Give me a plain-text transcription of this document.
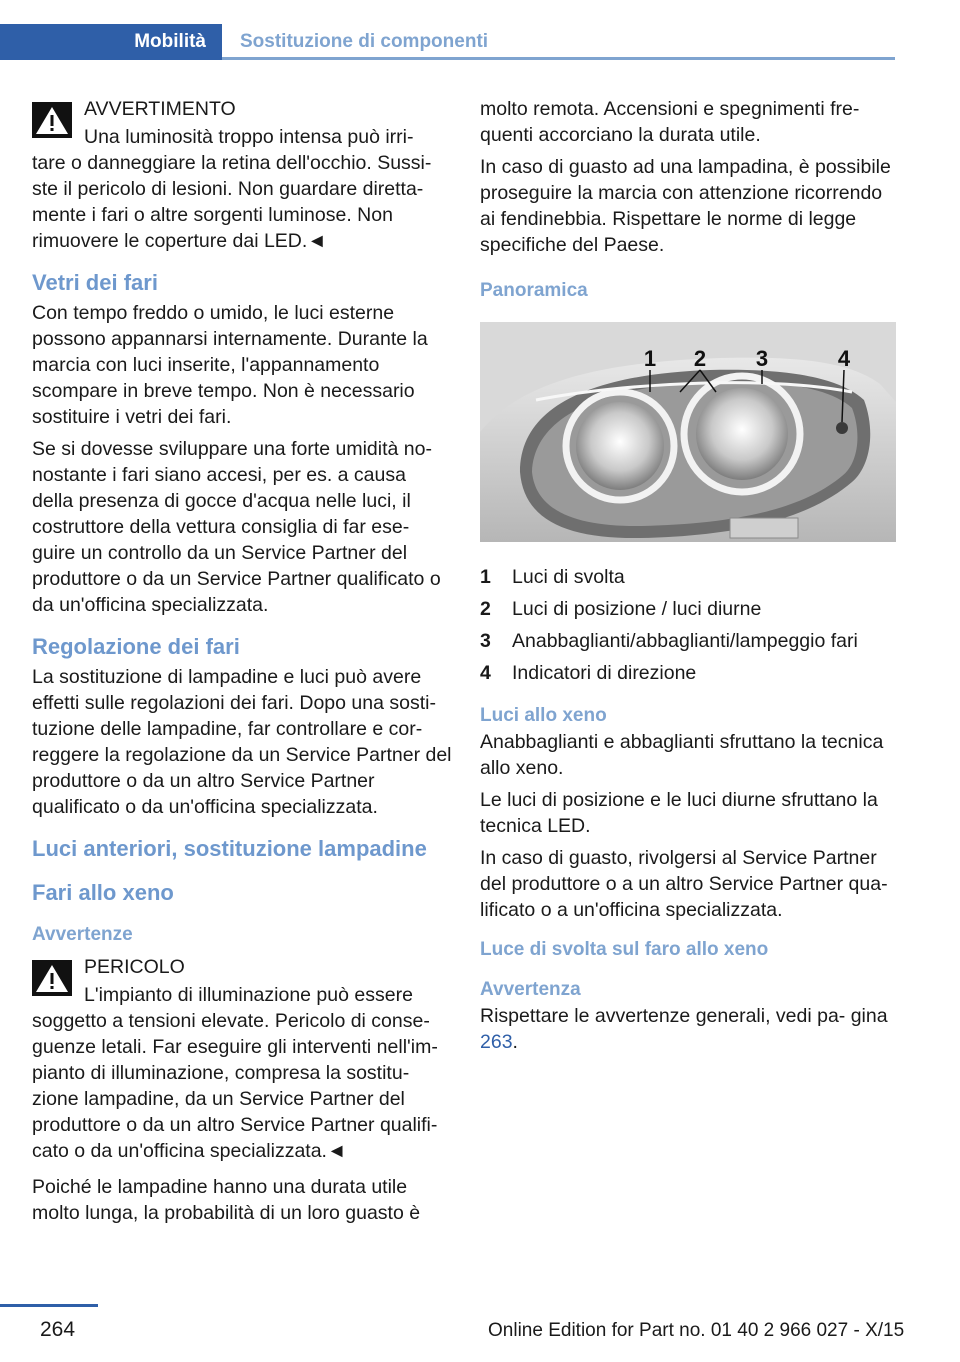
Mobilità Sostituzione di componenti

AVVERTIMENTO

Una luminosità troppo intensa può irri‐

tare o danneggiare la retina dell'occhio. Sussi‐ ste il pericolo di lesioni. Non guardare diretta‐ mente i fari o altre sorgenti luminose. Non rimuovere le coperture dai LED.◄

Vetri dei fari

Con tempo freddo o umido, le luci esterne possono appannarsi internamente. Durante la marcia con luci inserite, l'appannamento scompare in breve tempo. Non è necessario sostituire i vetri dei fari.

Se si dovesse sviluppare una forte umidità no‐ nostante i fari siano accesi, per es. a causa della presenza di gocce d'acqua nelle luci, il costruttore della vettura consiglia di far ese‐ guire un controllo da un Service Partner del produttore o da un Service Partner qualificato o da un'officina specializzata.

Regolazione dei fari

La sostituzione di lampadine e luci può avere effetti sulle regolazioni dei fari. Dopo una sosti‐ tuzione delle lampadine, far controllare e cor‐ reggere la regolazione da un Service Partner del produttore o da un altro Service Partner qualificato o da un'officina specializzata.

Luci anteriori, sostituzione lampadine
Fari allo xeno
Avvertenze

PERICOLO

L'impianto di illuminazione può essere

soggetto a tensioni elevate. Pericolo di conse‐ guenze letali. Far eseguire gli interventi nell'im‐ pianto di illuminazione, compresa la sostitu‐ zione lampadine, da un Service Partner del produttore o da un altro Service Partner qualifi‐ cato o da un'officina specializzata.◄

Poiché le lampadine hanno una durata utile molto lunga, la probabilità di un loro guasto è

molto remota. Accensioni e spegnimenti fre‐ quenti accorciano la durata utile.

In caso di guasto ad una lampadina, è possibile proseguire la marcia con attenzione ricorrendo ai fendinebbia. Rispettare le norme di legge specifiche del Paese.

Panoramica
1 2 3	4
1	Luci di svolta
2	Luci di posizione / luci diurne
3	Anabbaglianti/abbaglianti/lampeggio fari
4	Indicatori di direzione
Luci allo xeno

Anabbaglianti e abbaglianti sfruttano la tecnica allo xeno.

Le luci di posizione e le luci diurne sfruttano la tecnica LED.

In caso di guasto, rivolgersi al Service Partner del produttore o a un altro Service Partner qua‐ lificato o a un'officina specializzata.

Luce di svolta sul faro allo xeno
Avvertenza

Rispettare le avvertenze generali, vedi pa‐ gina 263.

264	Online Edition for Part no. 01 40 2 966 027 - X/15
